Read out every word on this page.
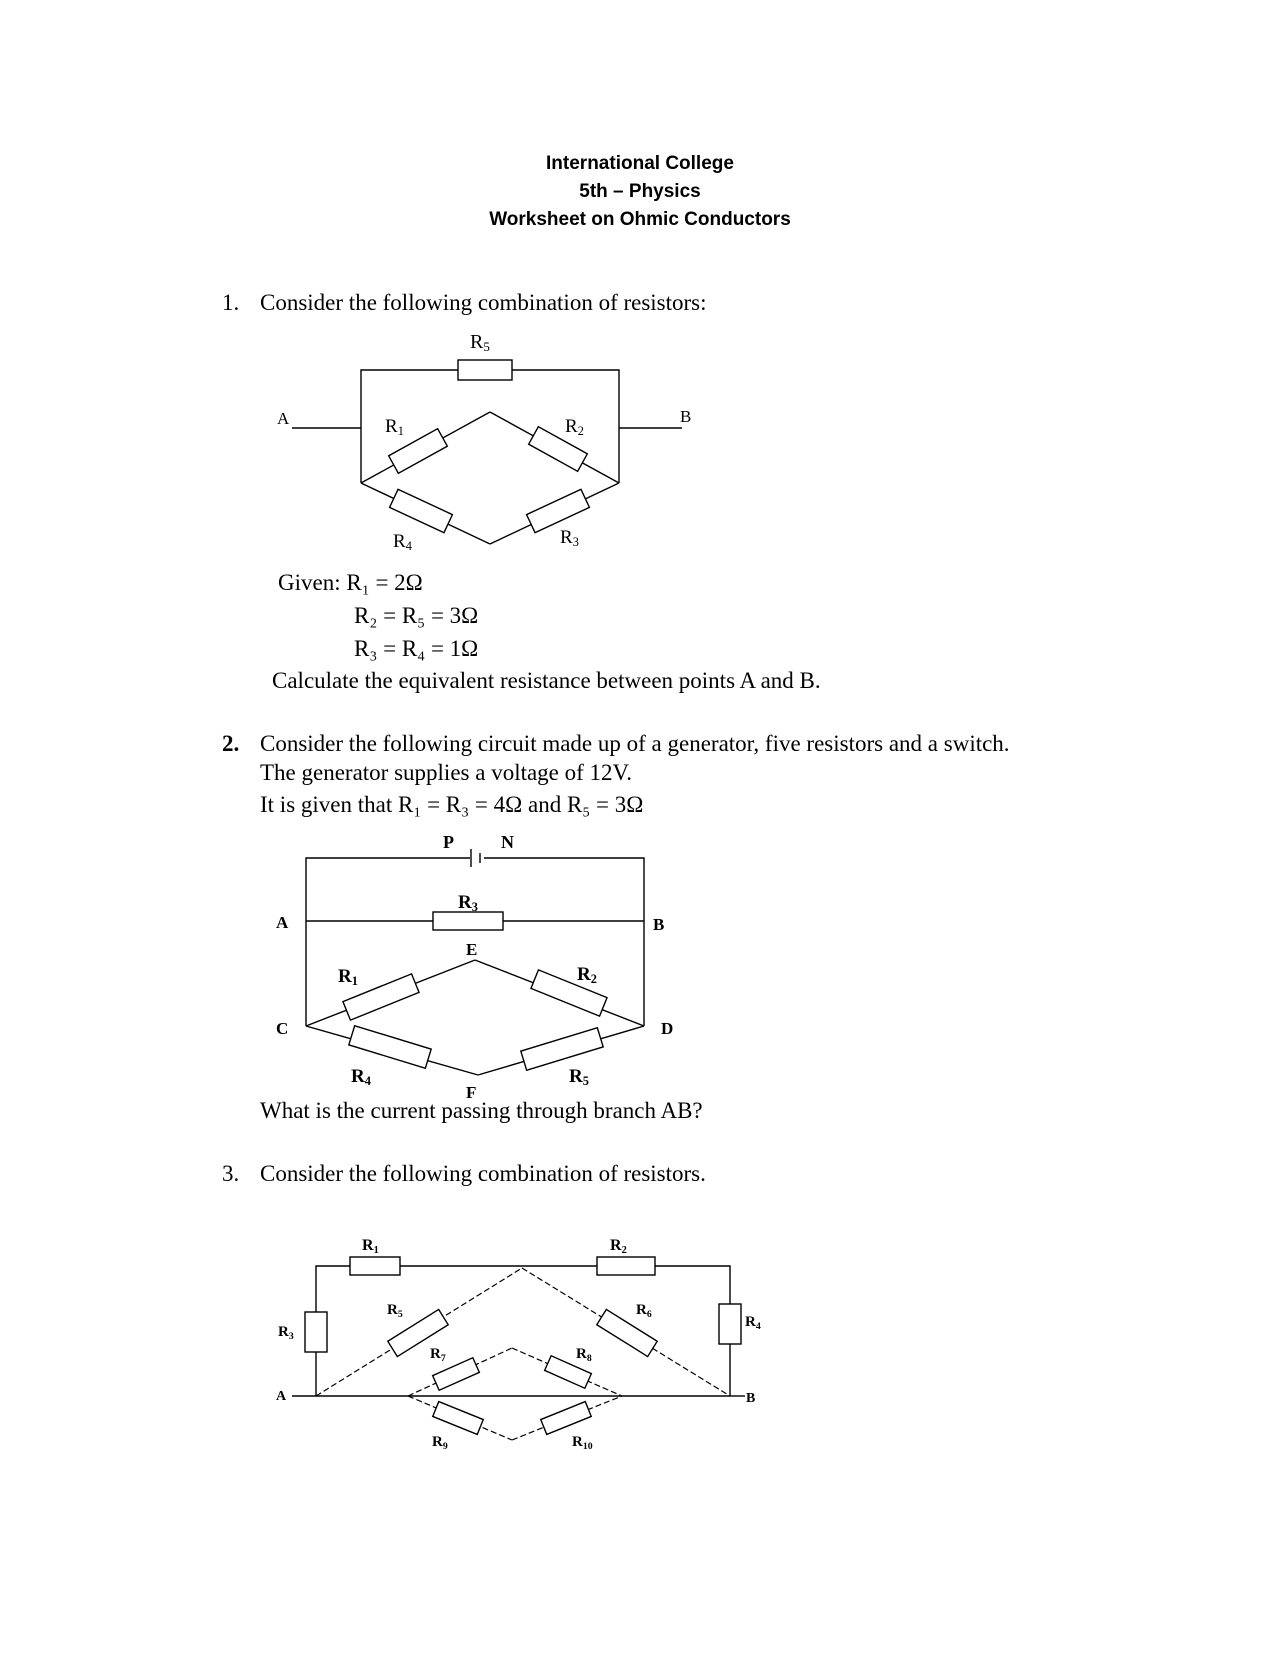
International College
5th – Physics
Worksheet on Ohmic Conductors
1. Consider the following combination of resistors:
R5
A	B
R1	R2
R4	R3
Given: R₁ = 2Ω
R₂ = R₅ = 3Ω
R₃ = R₄ = 1Ω
Calculate the equivalent resistance between points A and B.
2. Consider the following circuit made up of a generator, five resistors and a switch.
The generator supplies a voltage of 12V.
It is given that R₁ = R₃ = 4Ω and R₅ = 3Ω
P	N
R3
A	B
E
R1	R2
C	D
R4	R5
F
What is the current passing through branch AB?
3. Consider the following combination of resistors.
R1	R2
$R_3$
$R_4$
$R_5$	$R_6$
$R_7$	$R_8$
$R_9$	$R_{10}$
A	B
